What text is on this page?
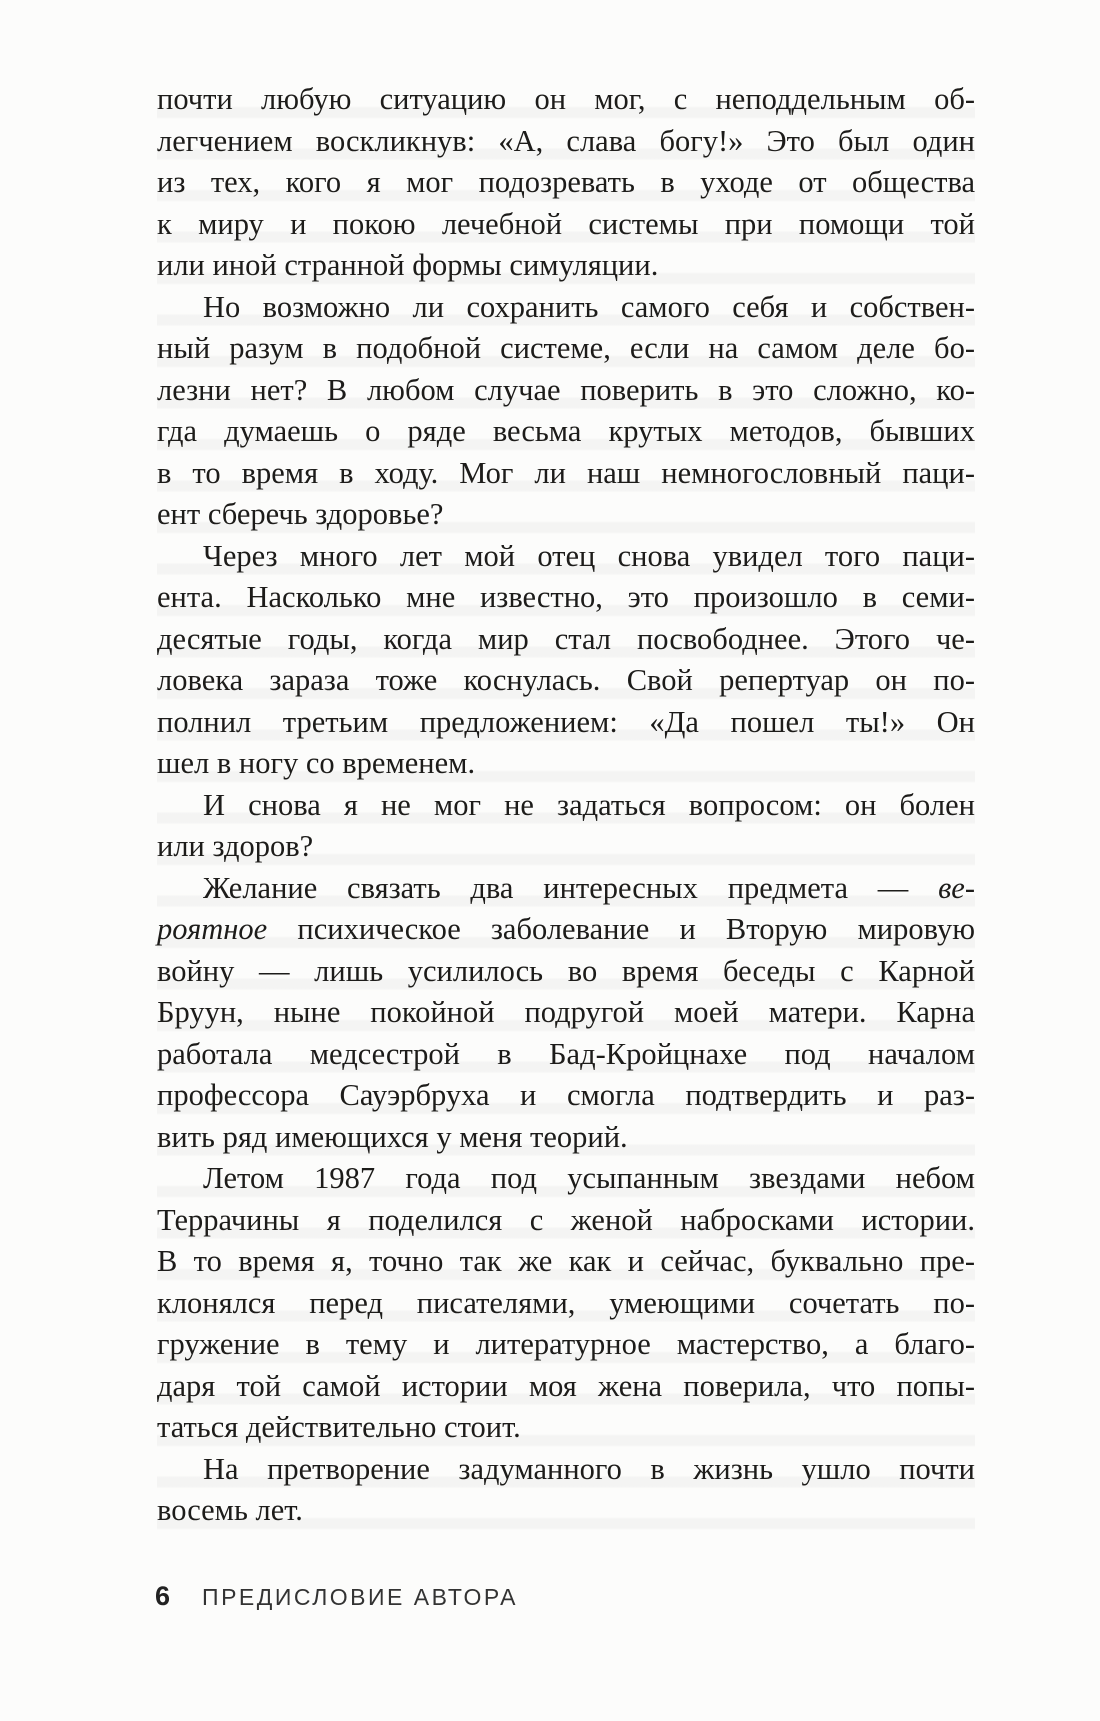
почти любую ситуацию он мог, с неподдельным об-
легчением воскликнув: «А, слава богу!» Это был один
из тех, кого я мог подозревать в уходе от общества
к миру и покою лечебной системы при помощи той
или иной странной формы симуляции.
Но возможно ли сохранить самого себя и собствен-
ный разум в подобной системе, если на самом деле бо-
лезни нет? В любом случае поверить в это сложно, ко-
гда думаешь о ряде весьма крутых методов, бывших
в то время в ходу. Мог ли наш немногословный паци-
ент сберечь здоровье?
Через много лет мой отец снова увидел того паци-
ента. Насколько мне известно, это произошло в семи-
десятые годы, когда мир стал посвободнее. Этого че-
ловека зараза тоже коснулась. Свой репертуар он по-
полнил третьим предложением: «Да пошел ты!» Он
шел в ногу со временем.
И снова я не мог не задаться вопросом: он болен
или здоров?
Желание связать два интересных предмета — ве-
роятное психическое заболевание и Вторую мировую
войну — лишь усилилось во время беседы с Карной
Бруун, ныне покойной подругой моей матери. Карна
работала медсестрой в Бад-Кройцнахе под началом
профессора Сауэрбруха и смогла подтвердить и раз-
вить ряд имеющихся у меня теорий.
Летом 1987 года под усыпанным звездами небом
Террачины я поделился с женой набросками истории.
В то время я, точно так же как и сейчас, буквально пре-
клонялся перед писателями, умеющими сочетать по-
гружение в тему и литературное мастерство, а благо-
даря той самой истории моя жена поверила, что попы-
таться действительно стоит.
На претворение задуманного в жизнь ушло почти
восемь лет.
6 ПРЕДИСЛОВИЕ АВТОРА
